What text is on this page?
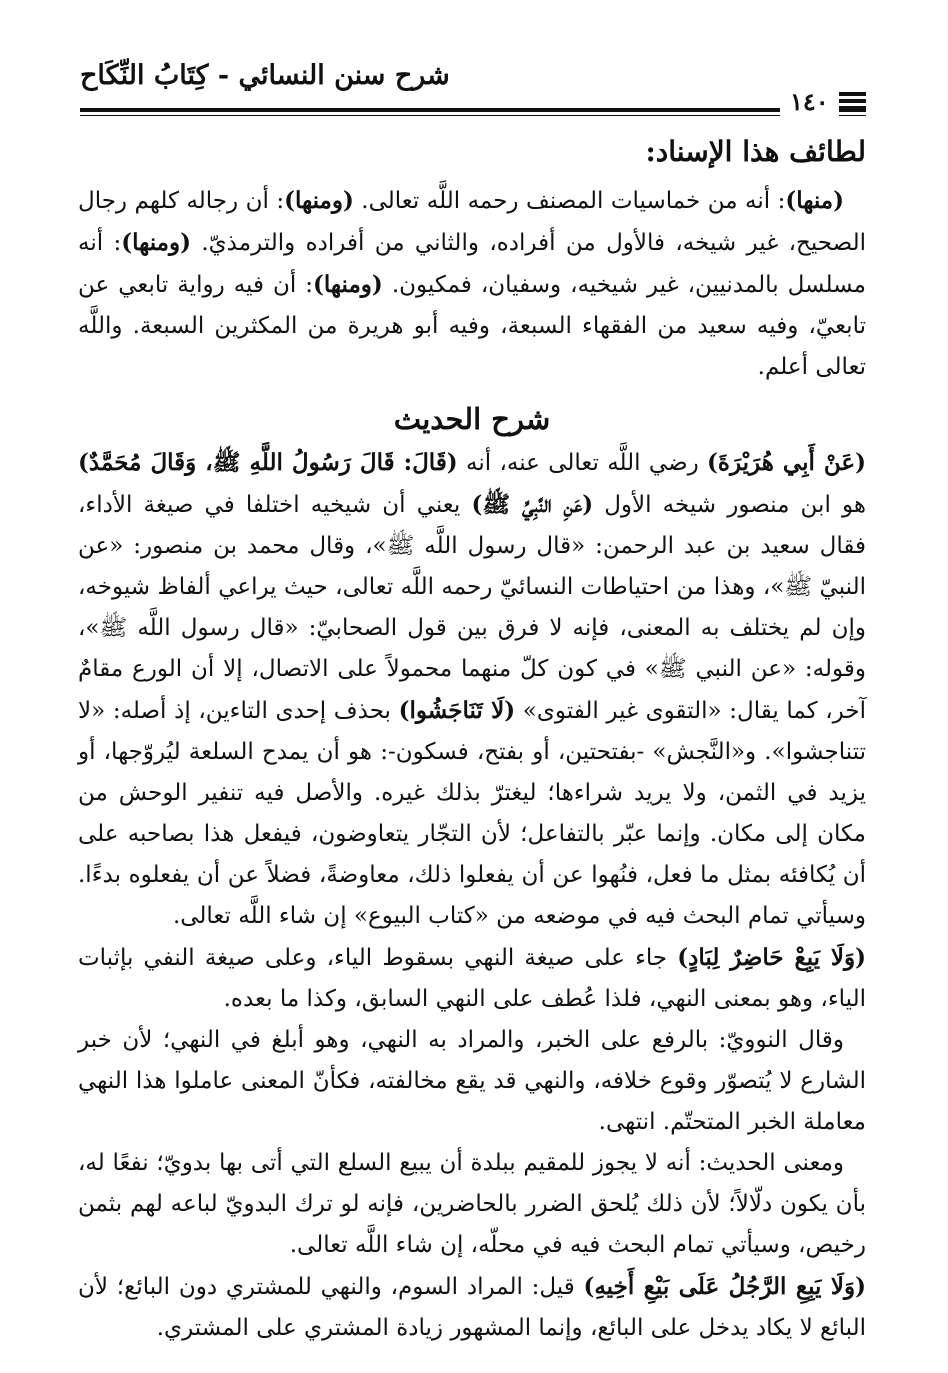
شرح سنن النسائي - كِتَابُ النِّكَاح
١٤٠
لطائف هذا الإسناد:

(منها): أنه من خماسيات المصنف رحمه اللَّه تعالى. (ومنها): أن رجاله كلهم رجال الصحيح، غير شيخه، فالأول من أفراده، والثاني من أفراده والترمذيّ. (ومنها): أنه مسلسل بالمدنيين، غير شيخيه، وسفيان، فمكيون. (ومنها): أن فيه رواية تابعي عن تابعيّ، وفيه سعيد من الفقهاء السبعة، وفيه أبو هريرة من المكثرين السبعة. واللَّه تعالى أعلم.

شرح الحديث

(عَنْ أَبِي هُرَيْرَةَ) رضي اللَّه تعالى عنه، أنه (قَالَ: قَالَ رَسُولُ اللَّهِ ﷺ، وَقَالَ مُحَمَّدٌ) هو ابن منصور شيخه الأول (عَنِ النَّبِيِّ ﷺ) يعني أن شيخيه اختلفا في صيغة الأداء، فقال سعيد بن عبد الرحمن: «قال رسول اللَّه ﷺ»، وقال محمد بن منصور: «عن النبيّ ﷺ»، وهذا من احتياطات النسائيّ رحمه اللَّه تعالى، حيث يراعي ألفاظ شيوخه، وإن لم يختلف به المعنى، فإنه لا فرق بين قول الصحابيّ: «قال رسول اللَّه ﷺ»، وقوله: «عن النبي ﷺ» في كون كلّ منهما محمولاً على الاتصال، إلا أن الورع مقامٌ آخر، كما يقال: «التقوى غير الفتوى» (لَا تَنَاجَشُوا) بحذف إحدى التاءين، إذ أصله: «لا تتناجشوا». و«النَّجش» -بفتحتين، أو بفتح، فسكون-: هو أن يمدح السلعة ليُروّجها، أو يزيد في الثمن، ولا يريد شراءها؛ ليغترّ بذلك غيره. والأصل فيه تنفير الوحش من مكان إلى مكان. وإنما عبّر بالتفاعل؛ لأن التجّار يتعاوضون، فيفعل هذا بصاحبه على أن يُكافئه بمثل ما فعل، فنُهوا عن أن يفعلوا ذلك، معاوضةً، فضلاً عن أن يفعلوه بدءًا. وسيأتي تمام البحث فيه في موضعه من «كتاب البيوع» إن شاء اللَّه تعالى.

(وَلَا يَبِعْ حَاضِرٌ لِبَادٍ) جاء على صيغة النهي بسقوط الياء، وعلى صيغة النفي بإثبات الياء، وهو بمعنى النهي، فلذا عُطف على النهي السابق، وكذا ما بعده.

وقال النوويّ: بالرفع على الخبر، والمراد به النهي، وهو أبلغ في النهي؛ لأن خبر الشارع لا يُتصوّر وقوع خلافه، والنهي قد يقع مخالفته، فكأنّ المعنى عاملوا هذا النهي معاملة الخبر المتحتّم. انتهى.

ومعنى الحديث: أنه لا يجوز للمقيم ببلدة أن يبيع السلع التي أتى بها بدويّ؛ نفعًا له، بأن يكون دلّالاً؛ لأن ذلك يُلحق الضرر بالحاضرين، فإنه لو ترك البدويّ لباعه لهم بثمن رخيص، وسيأتي تمام البحث فيه في محلّه، إن شاء اللَّه تعالى.

(وَلَا يَبِعِ الرَّجُلُ عَلَى بَيْعِ أَخِيهِ) قيل: المراد السوم، والنهي للمشتري دون البائع؛ لأن البائع لا يكاد يدخل على البائع، وإنما المشهور زيادة المشتري على المشتري.
